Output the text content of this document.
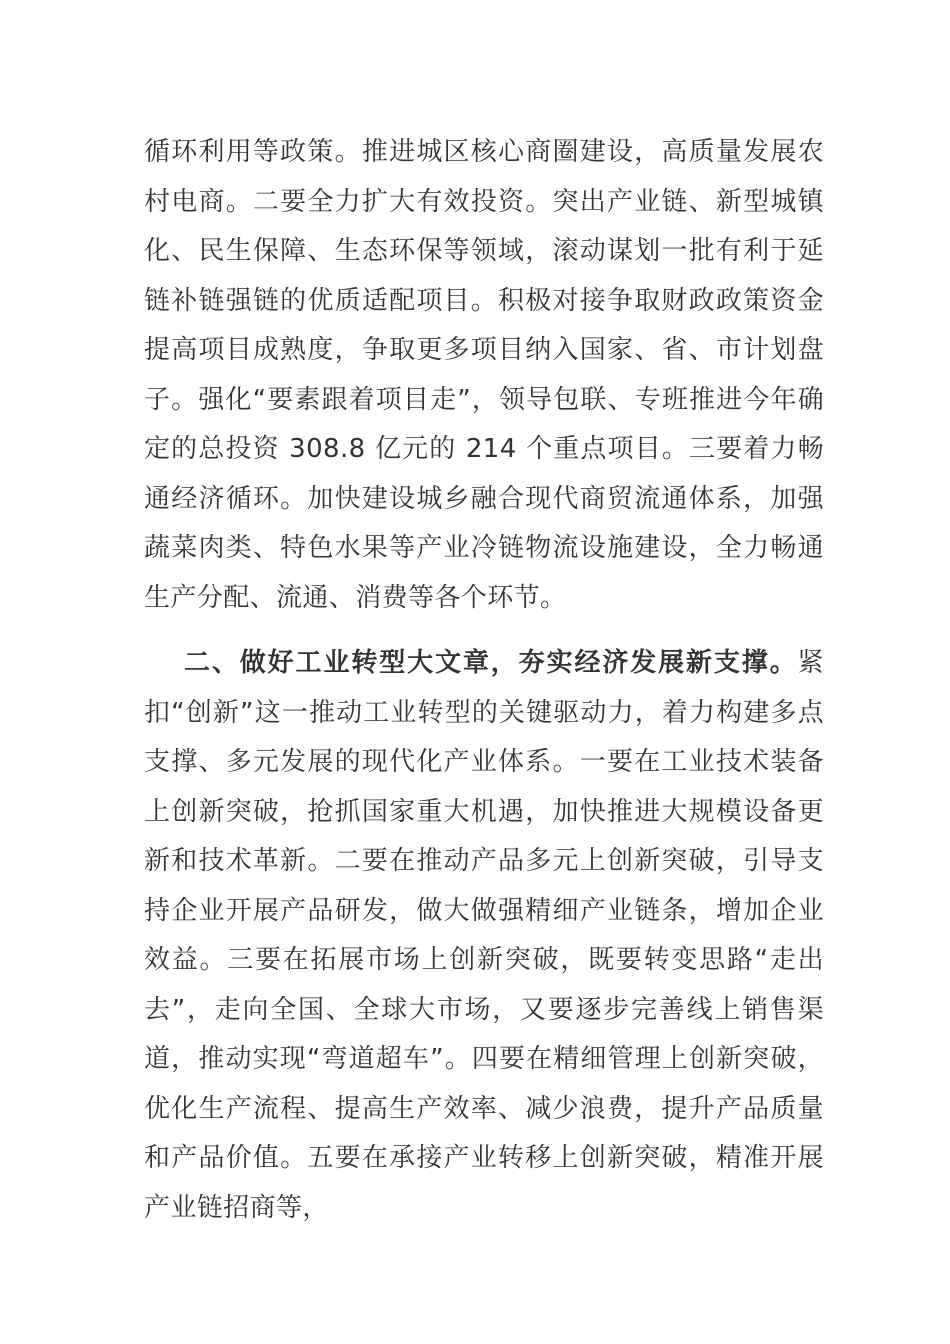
循环利用等政策。推进城区核心商圈建设，高质量发展农村电商。二要全力扩大有效投资。突出产业链、新型城镇化、民生保障、生态环保等领域，滚动谋划一批有利于延链补链强链的优质适配项目。积极对接争取财政政策资金提高项目成熟度，争取更多项目纳入国家、省、市计划盘子。强化“要素跟着项目走”，领导包联、专班推进今年确定的总投资 308.8 亿元的 214 个重点项目。三要着力畅通经济循环。加快建设城乡融合现代商贸流通体系，加强蔬菜肉类、特色水果等产业冷链物流设施建设，全力畅通生产分配、流通、消费等各个环节。

二、做好工业转型大文章，夯实经济发展新支撑。紧扣“创新”这一推动工业转型的关键驱动力，着力构建多点支撑、多元发展的现代化产业体系。一要在工业技术装备上创新突破，抢抓国家重大机遇，加快推进大规模设备更新和技术革新。二要在推动产品多元上创新突破，引导支持企业开展产品研发，做大做强精细产业链条，增加企业效益。三要在拓展市场上创新突破，既要转变思路“走出去”，走向全国、全球大市场，又要逐步完善线上销售渠道，推动实现“弯道超车”。四要在精细管理上创新突破，优化生产流程、提高生产效率、减少浪费，提升产品质量和产品价值。五要在承接产业转移上创新突破，精准开展产业链招商等，
